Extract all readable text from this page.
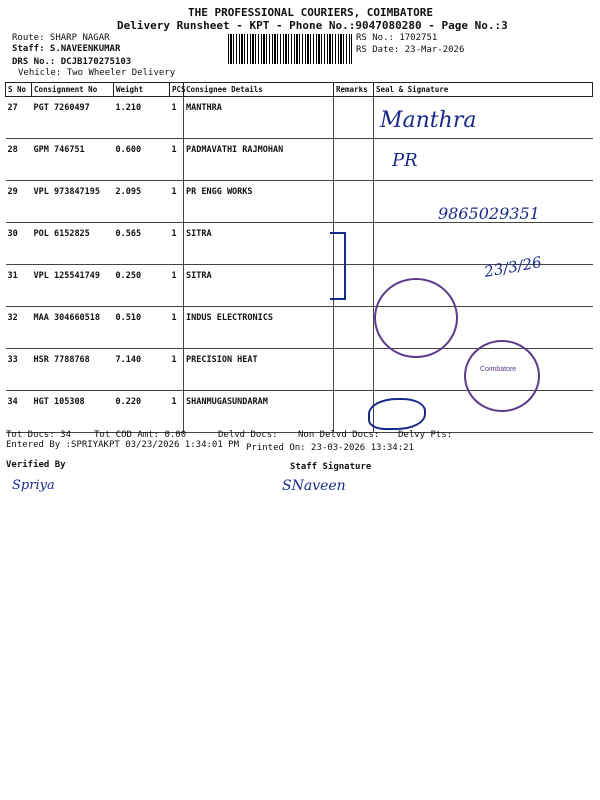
THE PROFESSIONAL COURIERS, COIMBATORE
Delivery Runsheet - KPT - Phone No.:9047080280 - Page No.:3
Route: SHARP NAGAR
Staff: S.NAVEENKUMAR
DRS No.: DCJB170275103
Vehicle: Two Wheeler Delivery
RS No.: 1702751
RS Date: 23-Mar-2026
S No	Consignment No	Weight	PCS	Consignee Details	Remarks	Seal & Signature
27	PGT 7260497	1.210	1	MANTHRA		
28	GPM 746751	0.600	1	PADMAVATHI RAJMOHAN		
29	VPL 973847195	2.095	1	PR ENGG WORKS		
30	POL 6152825	0.565	1	SITRA		
31	VPL 125541749	0.250	1	SITRA		
32	MAA 304660518	0.510	1	INDUS ELECTRONICS		
33	HSR 7788768	7.140	1	PRECISION HEAT		
34	HGT 105308	0.220	1	SHANMUGASUNDARAM		
Manthra
PR
9865029351
23/3/26
Coimbatore
Tot Docs: 34	Tot COD Amt: 0.00	Delvd Docs: Non Delvd Docs: Delvy Pts:
Entered By :SPRIYAKPT 03/23/2026 1:34:01 PM Printed On: 23-03-2026 13:34:21
Verified By	Staff Signature
Spriya	SNaveen
